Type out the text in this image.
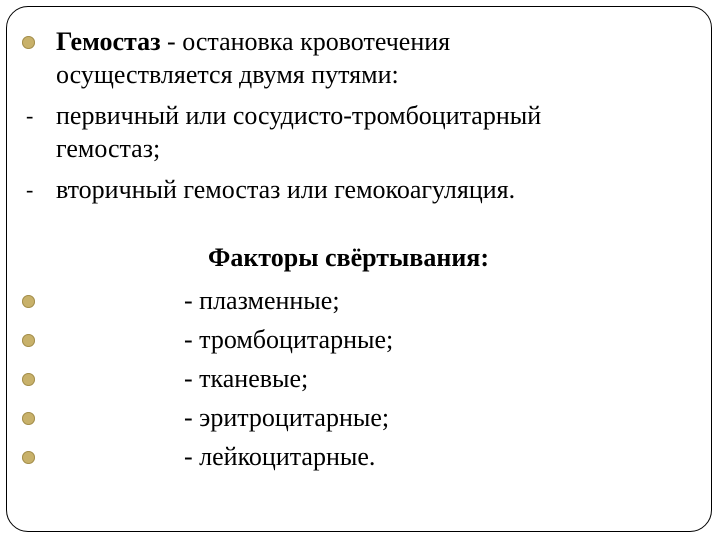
Гемостаз - остановка кровотечения
осуществляется двумя путями:
- первичный или сосудисто-тромбоцитарный
гемостаз;
- вторичный гемостаз или гемокоагуляция.
Факторы свёртывания:
- плазменные;
- тромбоцитарные;
- тканевые;
- эритроцитарные;
- лейкоцитарные.
